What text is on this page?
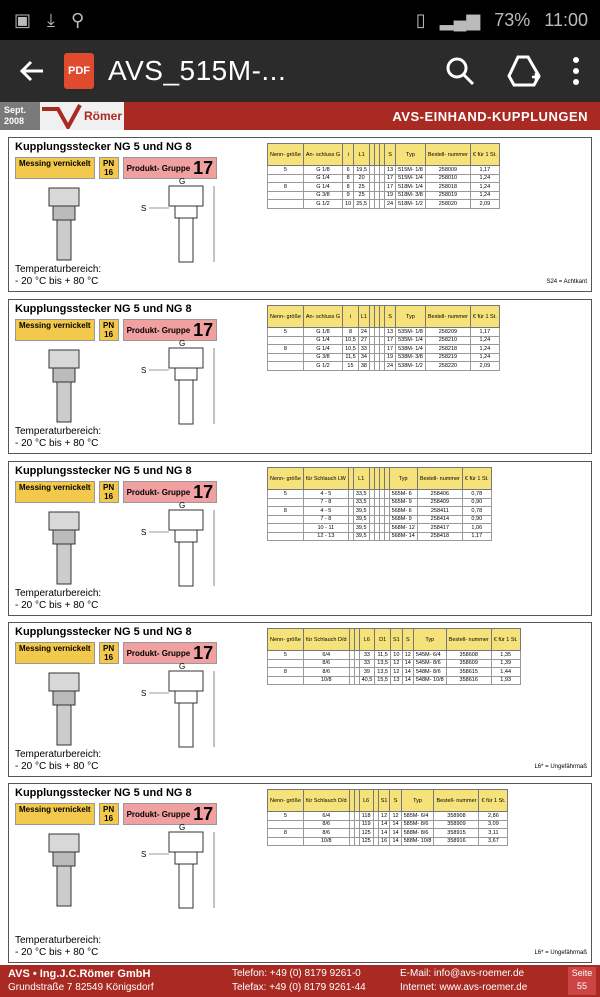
▣ ⤓ ⚲	▯ ▂▄▆ 73% 11:00
PDF AVS_515M-...
Sept. 2008	Römer	AVS-EINHAND-KUPPLUNGEN
Kupplungsstecker NG 5 und NG 8
Messing vernickelt	PN 16	Produkt- Gruppe 17
S
G
Nenn- größe	An- schluss G	i	L1				S	Typ	Bestell- nummer	€ für 1 St.
5	G 1/8	6	19,5				13	515M- 1/8	258009	1,17
	G 1/4	8	20				17	515M- 1/4	258010	1,24
8	G 1/4	8	25				17	518M- 1/4	258018	1,24
	G 3/8	9	25				19	518M- 3/8	258019	1,24
	G 1/2	10	25,5				24	518M- 1/2	258020	2,09
Temperaturbereich:
- 20 °C bis + 80 °C	S24 = Achtkant
Kupplungsstecker NG 5 und NG 8
Messing vernickelt	PN 16	Produkt- Gruppe 17
S
G
Nenn- größe	An- schluss G	i	L1				S	Typ	Bestell- nummer	€ für 1 St.
5	G 1/8	8	24				13	535M- 1/8	258209	1,17
	G 1/4	10,5	27				17	535M- 1/4	258210	1,24
8	G 1/4	10,5	33				17	538M- 1/4	258218	1,24
	G 3/8	11,5	34				19	538M- 3/8	258219	1,24
	G 1/2	15	38				24	538M- 1/2	258220	2,09
Temperaturbereich:
- 20 °C bis + 80 °C
Kupplungsstecker NG 5 und NG 8
Messing vernickelt	PN 16	Produkt- Gruppe 17
S
G
Nenn- größe	für Schlauch LW		L1					Typ	Bestell- nummer	€ für 1 St.
5	4 - 5		33,5					565M- 6	258406	0,78
	7 - 8		33,5					565M- 9	258409	0,90
8	4 - 5		39,5					568M- 6	258411	0,78
	7 - 8		39,5					568M- 9	258414	0,90
	10 - 11		39,5					568M- 12	258417	1,06
	12 - 13		39,5					568M- 14	258418	1,17
Temperaturbereich:
- 20 °C bis + 80 °C
Kupplungsstecker NG 5 und NG 8
Messing vernickelt	PN 16	Produkt- Gruppe 17
S
G
Nenn- größe	für Schlauch D/d			L6	D1	S1	S	Typ	Bestell- nummer	€ für 1 St.
5	6/4			33	11,5	10	12	545M- 6/4	358608	1,35
	8/6			33	13,5	12	14	545M- 8/6	358609	1,39
8	8/6			39	13,5	12	14	548M- 8/6	358615	1,44
	10/8			40,5	15,5	13	14	548M- 10/8	358616	1,93
Temperaturbereich:
- 20 °C bis + 80 °C	L6* = Ungefährmaß
Kupplungsstecker NG 5 und NG 8
Messing vernickelt	PN 16	Produkt- Gruppe 17
S
G
Nenn- größe	für Schlauch D/d			L6		S1	S	Typ	Bestell- nummer	€ für 1 St.
5	6/4			118		12	12	585M- 6/4	358908	2,86
	8/6			119		14	14	585M- 8/6	358909	3,09
8	8/6			125		14	14	588M- 8/6	358915	3,11
	10/8			125		16	14	588M- 10/8	358916	3,67
Temperaturbereich:
- 20 °C bis + 80 °C	L6* = Ungefährmaß
AVS • Ing.J.C.Römer GmbH
Grundstraße 7 82549 Königsdorf
Telefon: +49 (0) 8179 9261-0
Telefax: +49 (0) 8179 9261-44
E-Mail: info@avs-roemer.de
Internet: www.avs-roemer.de
Seite
55
